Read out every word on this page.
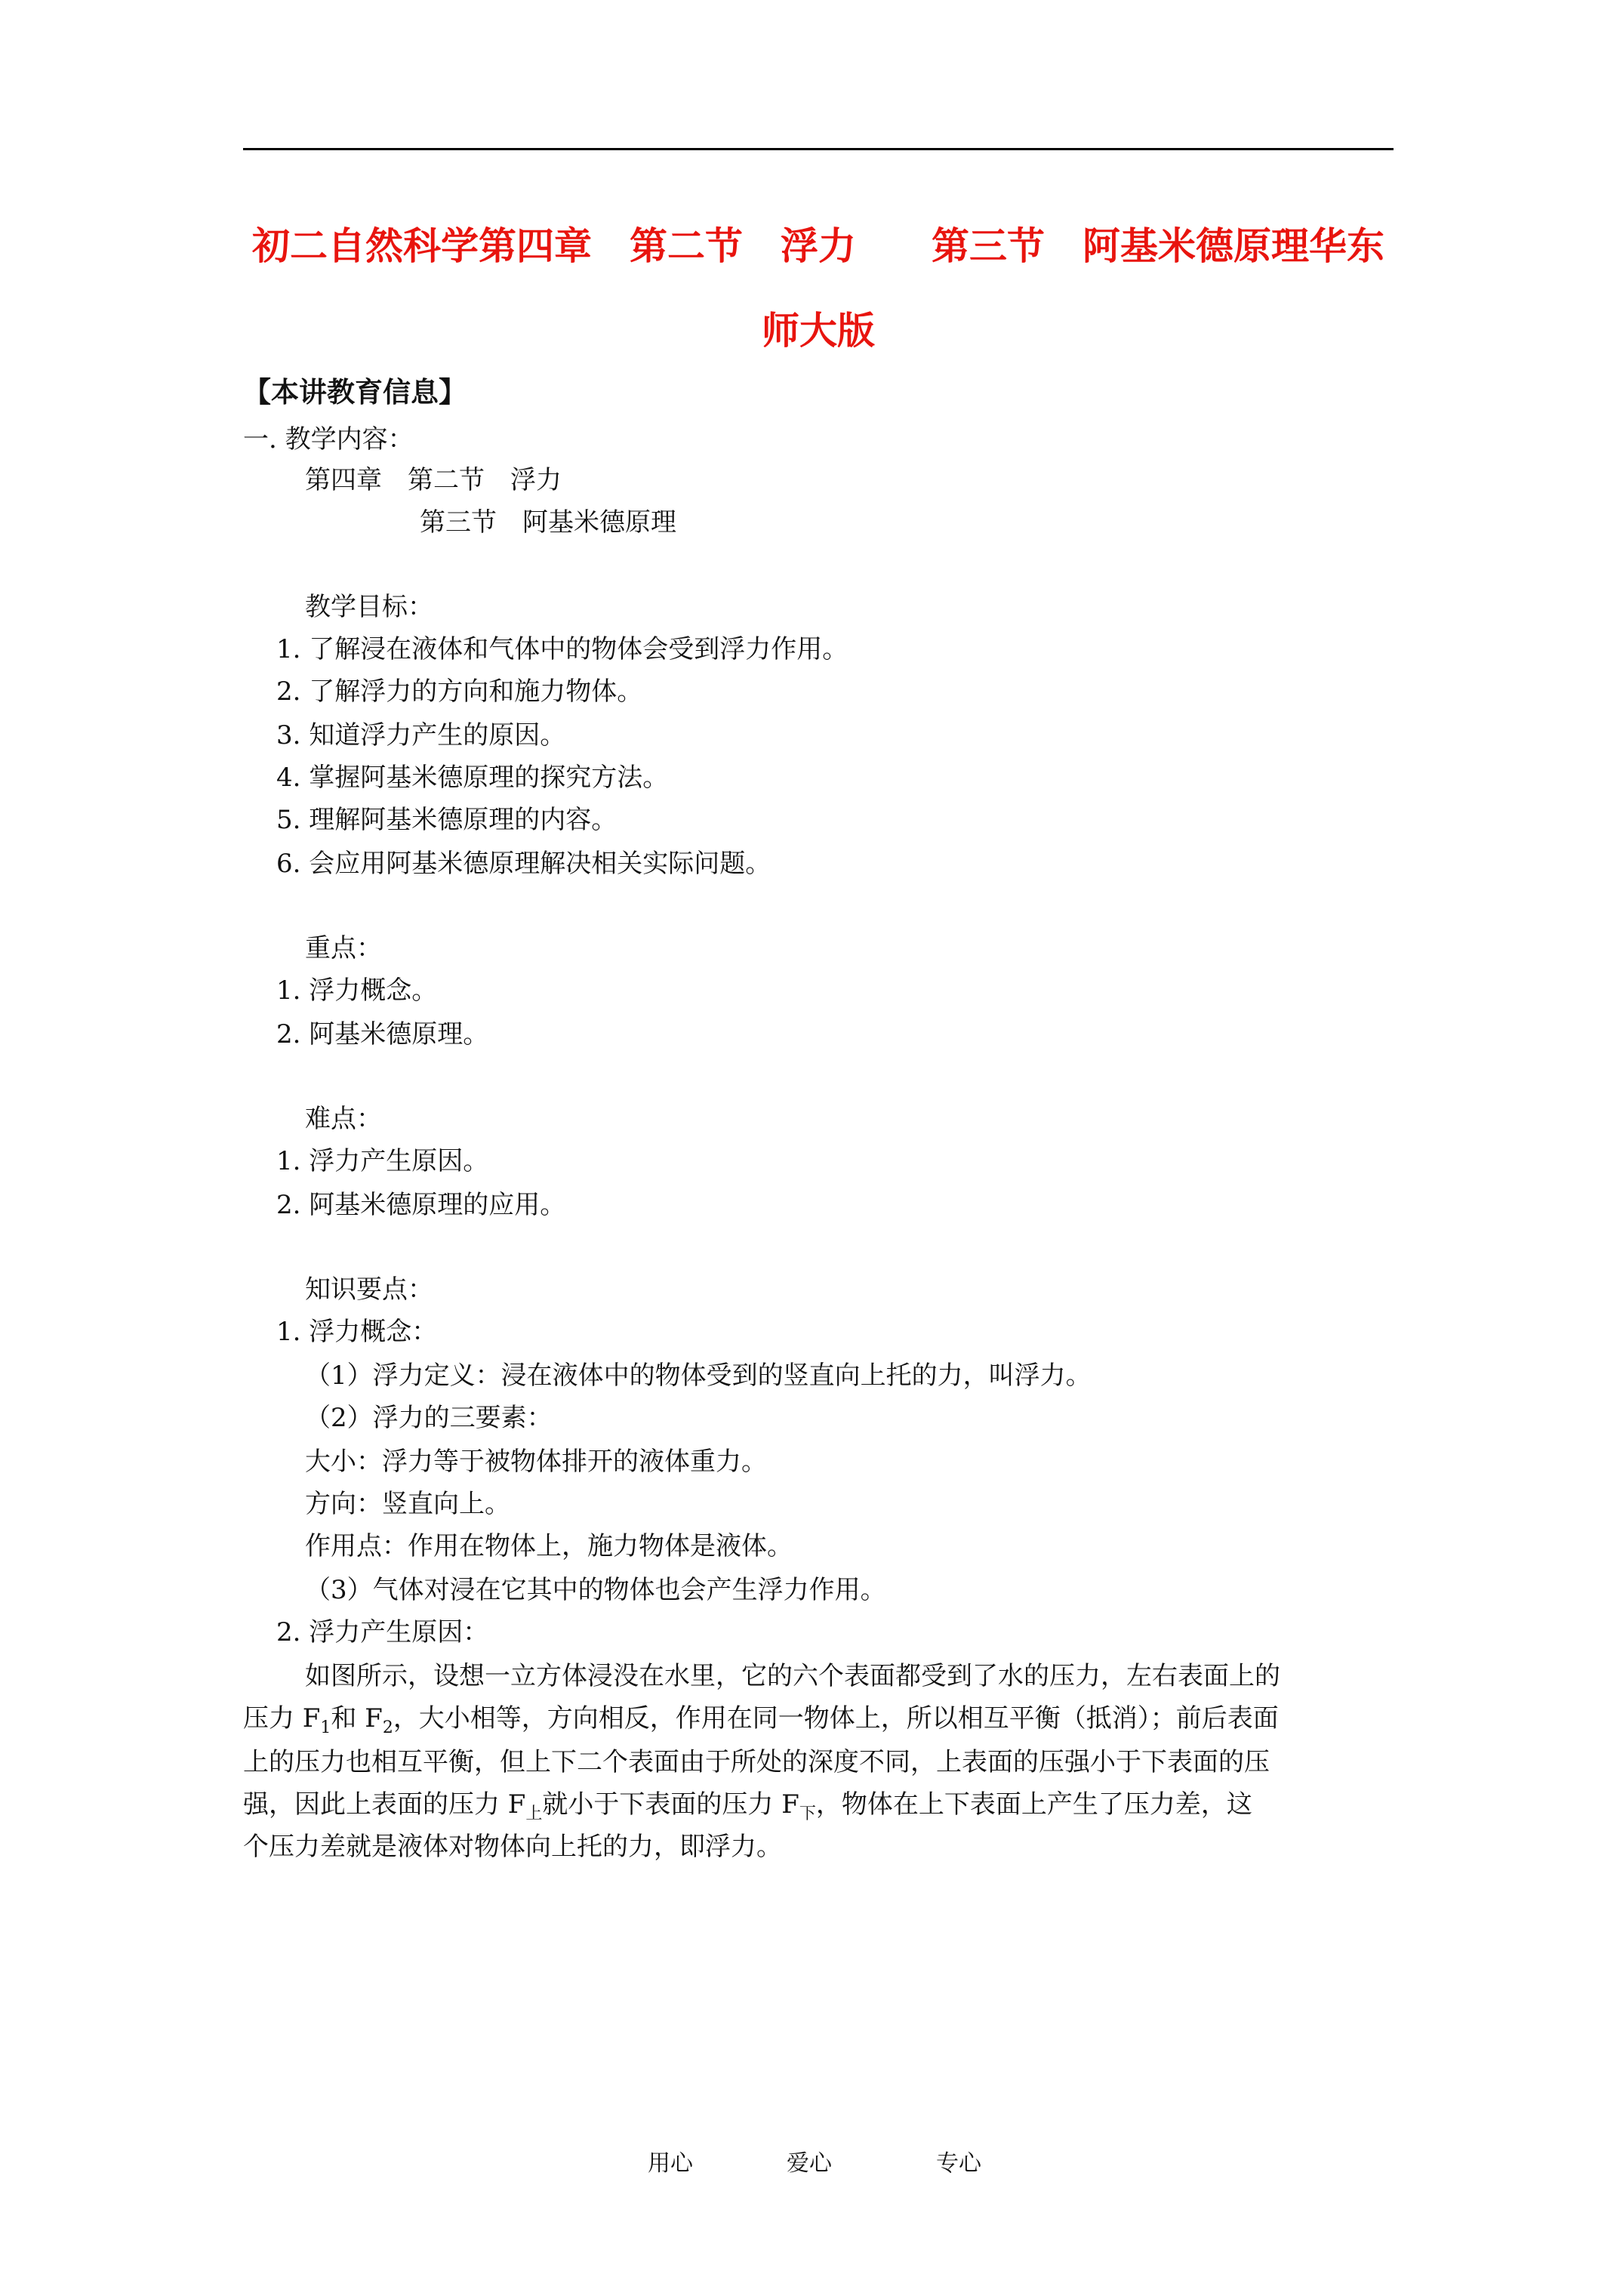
初二自然科学第四章　第二节　浮力　　第三节　阿基米德原理华东
师大版
【本讲教育信息】
一. 教学内容：
第四章　第二节　浮力
第三节　阿基米德原理
教学目标：
1. 了解浸在液体和气体中的物体会受到浮力作用。
2. 了解浮力的方向和施力物体。
3. 知道浮力产生的原因。
4. 掌握阿基米德原理的探究方法。
5. 理解阿基米德原理的内容。
6. 会应用阿基米德原理解决相关实际问题。
重点：
1. 浮力概念。
2. 阿基米德原理。
难点：
1. 浮力产生原因。
2. 阿基米德原理的应用。
知识要点：
1. 浮力概念：
（1）浮力定义：浸在液体中的物体受到的竖直向上托的力，叫浮力。
（2）浮力的三要素：
大小：浮力等于被物体排开的液体重力。
方向：竖直向上。
作用点：作用在物体上，施力物体是液体。
（3）气体对浸在它其中的物体也会产生浮力作用。
2. 浮力产生原因：
如图所示，设想一立方体浸没在水里，它的六个表面都受到了水的压力，左右表面上的
压力 $F_1$和 $F_2$，大小相等，方向相反，作用在同一物体上，所以相互平衡（抵消）；前后表面
上的压力也相互平衡，但上下二个表面由于所处的深度不同，上表面的压强小于下表面的压
强，因此上表面的压力 $F_上$就小于下表面的压力 $F_下$，物体在上下表面上产生了压力差，这
个压力差就是液体对物体向上托的力，即浮力。
用心	爱心	专心
